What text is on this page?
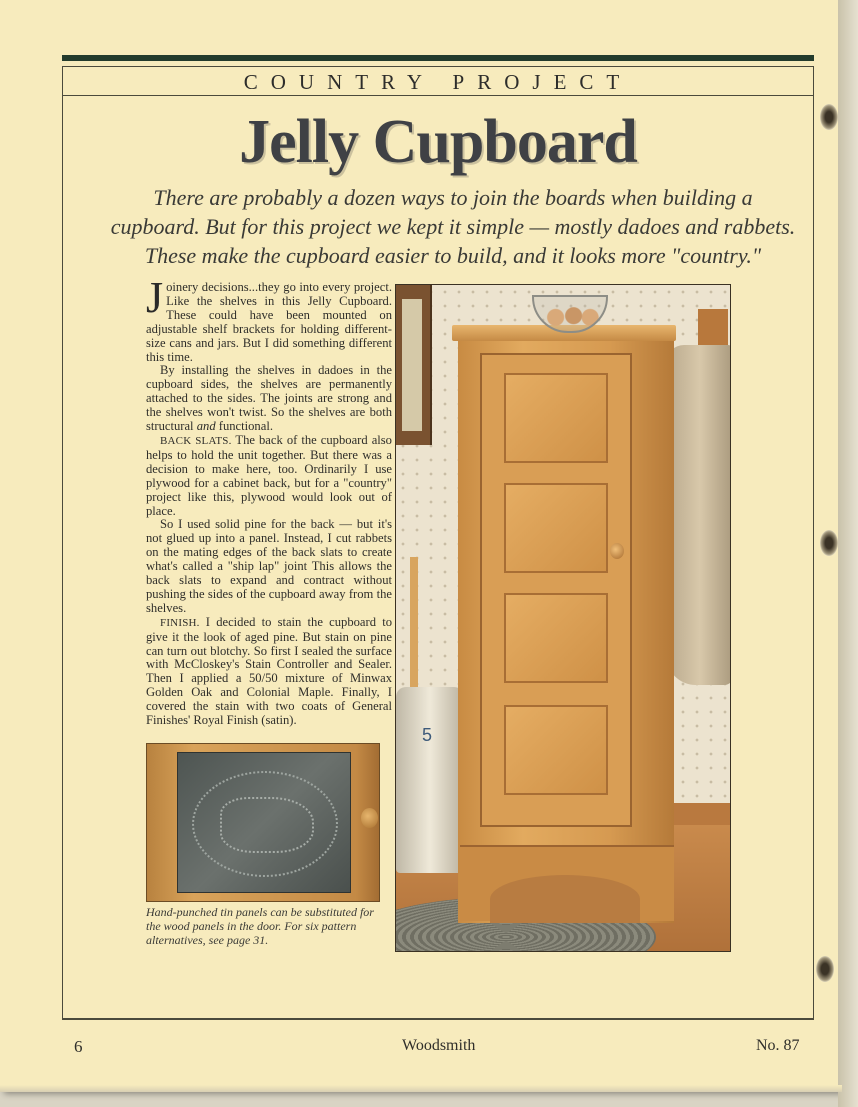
COUNTRY PROJECT
Jelly Cupboard
There are probably a dozen ways to join the boards when building a
cupboard. But for this project we kept it simple — mostly dadoes and rabbets.
These make the cupboard easier to build, and it looks more "country."

J oinery decisions...they go into every project. Like the shelves in this Jelly Cupboard. These could have been mounted on adjustable shelf brackets for holding different-size cans and jars. But I did something different this time.

By installing the shelves in dadoes in the cupboard sides, the shelves are permanently attached to the sides. The joints are strong and the shelves won't twist. So the shelves are both structural and functional.

BACK SLATS. The back of the cupboard also helps to hold the unit together. But there was a decision to make here, too. Ordinarily I use plywood for a cabinet back, but for a "country" project like this, plywood would look out of place.

So I used solid pine for the back — but it's not glued up into a panel. Instead, I cut rabbets on the mating edges of the back slats to create what's called a "ship lap" joint This allows the back slats to expand and contract without pushing the sides of the cupboard away from the shelves.

FINISH. I decided to stain the cupboard to give it the look of aged pine. But stain on pine can turn out blotchy. So first I sealed the surface with McCloskey's Stain Controller and Sealer. Then I applied a 50/50 mixture of Minwax Golden Oak and Colonial Maple. Finally, I covered the stain with two coats of General Finishes' Royal Finish (satin).

Hand-punched tin panels can be substituted for the wood panels in the door. For six pattern alternatives, see page 31.
5
6	Woodsmith	No. 87
